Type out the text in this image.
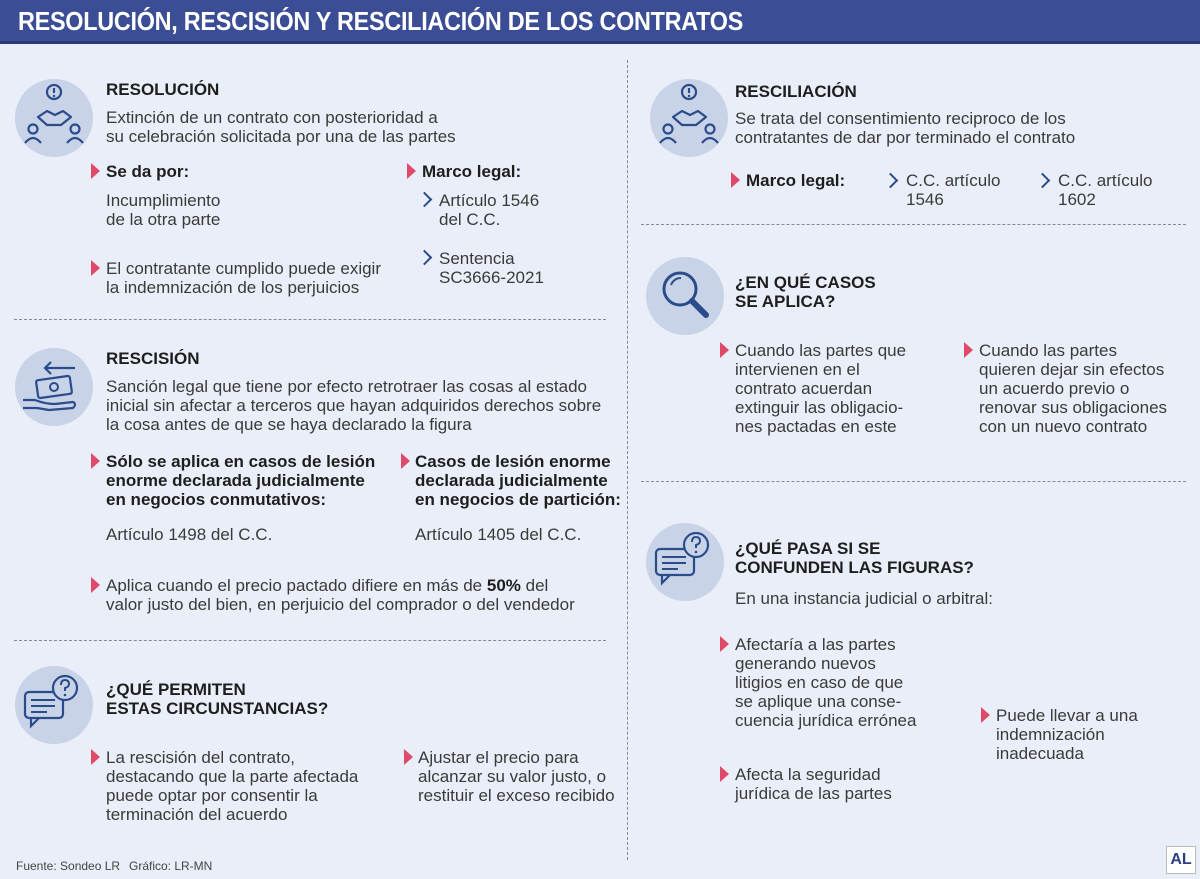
RESOLUCIÓN, RESCISIÓN Y RESCILIACIÓN DE LOS CONTRATOS
RESOLUCIÓN
Extinción de un contrato con posterioridad a
su celebración solicitada por una de las partes
Se da por:
Incumplimiento
de la otra parte
Marco legal:
Artículo 1546
del C.C.
Sentencia
SC3666-2021
El contratante cumplido puede exigir
la indemnización de los perjuicios
RESCISIÓN
Sanción legal que tiene por efecto retrotraer las cosas al estado
inicial sin afectar a terceros que hayan adquiridos derechos sobre
la cosa antes de que se haya declarado la figura
Sólo se aplica en casos de lesión
enorme declarada judicialmente
en negocios conmutativos:
Artículo 1498 del C.C.
Casos de lesión enorme
declarada judicialmente
en negocios de partición:
Artículo 1405 del C.C.
Aplica cuando el precio pactado difiere en más de 50% del
valor justo del bien, en perjuicio del comprador o del vendedor
¿QUÉ PERMITEN
ESTAS CIRCUNSTANCIAS?
La rescisión del contrato,
destacando que la parte afectada
puede optar por consentir la
terminación del acuerdo
Ajustar el precio para
alcanzar su valor justo, o
restituir el exceso recibido
RESCILIACIÓN
Se trata del consentimiento reciproco de los
contratantes de dar por terminado el contrato
Marco legal:	C.C. artículo
1546
C.C. artículo
1602
¿EN QUÉ CASOS
SE APLICA?
Cuando las partes que
intervienen en el
contrato acuerdan
extinguir las obligacio-
nes pactadas en este
Cuando las partes
quieren dejar sin efectos
un acuerdo previo o
renovar sus obligaciones
con un nuevo contrato
¿QUÉ PASA SI SE
CONFUNDEN LAS FIGURAS?
En una instancia judicial o arbitral:
Afectaría a las partes
generando nuevos
litigios en caso de que
se aplique una conse-
cuencia jurídica errónea
Afecta la seguridad
jurídica de las partes
Puede llevar a una
indemnización
inadecuada
Fuente: Sondeo LR Gráfico: LR-MN	AL
